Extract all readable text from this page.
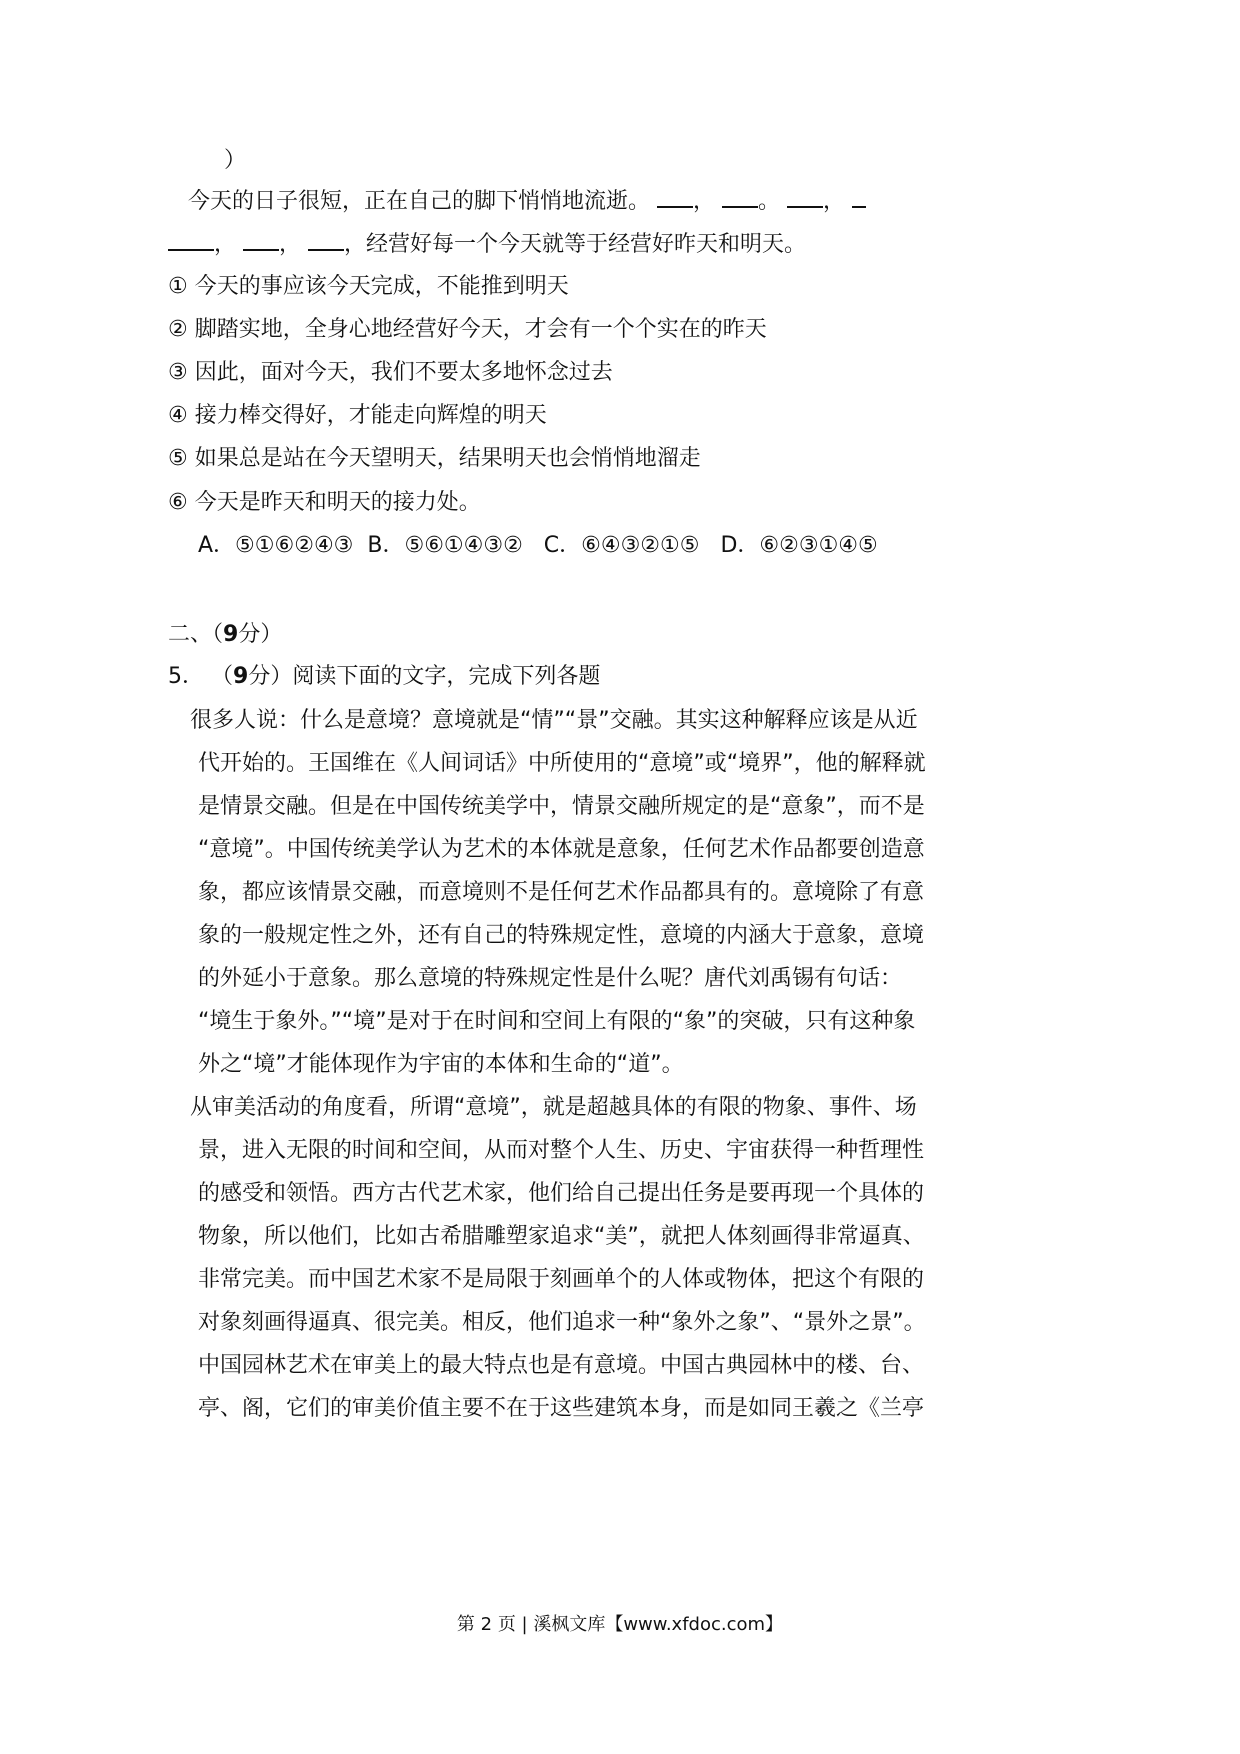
）
今天的日子很短，正在自己的脚下悄悄地流逝。 ， 。 ，
， ， ，经营好每一个今天就等于经营好昨天和明天。
① 今天的事应该今天完成，不能推到明天
② 脚踏实地，全身心地经营好今天，才会有一个个实在的昨天
③ 因此，面对今天，我们不要太多地怀念过去
④ 接力棒交得好，才能走向辉煌的明天
⑤ 如果总是站在今天望明天，结果明天也会悄悄地溜走
⑥ 今天是昨天和明天的接力处。
A．⑤①⑥②④③  B．⑤⑥①④③②   C．⑥④③②①⑤   D．⑥②③①④⑤
二、（9分）
5． （9分）阅读下面的文字，完成下列各题
很多人说：什么是意境？意境就是“情”“景”交融。其实这种解释应该是从近
代开始的。王国维在《人间词话》中所使用的“意境”或“境界”，他的解释就
是情景交融。但是在中国传统美学中，情景交融所规定的是“意象”，而不是
“意境”。中国传统美学认为艺术的本体就是意象，任何艺术作品都要创造意
象，都应该情景交融，而意境则不是任何艺术作品都具有的。意境除了有意
象的一般规定性之外，还有自己的特殊规定性，意境的内涵大于意象，意境
的外延小于意象。那么意境的特殊规定性是什么呢？唐代刘禹锡有句话：
“境生于象外。”“境”是对于在时间和空间上有限的“象”的突破，只有这种象
外之“境”才能体现作为宇宙的本体和生命的“道”。
从审美活动的角度看，所谓“意境”，就是超越具体的有限的物象、事件、场
景，进入无限的时间和空间，从而对整个人生、历史、宇宙获得一种哲理性
的感受和领悟。西方古代艺术家，他们给自己提出任务是要再现一个具体的
物象，所以他们，比如古希腊雕塑家追求“美”，就把人体刻画得非常逼真、
非常完美。而中国艺术家不是局限于刻画单个的人体或物体，把这个有限的
对象刻画得逼真、很完美。相反，他们追求一种“象外之象”、“景外之景”。
中国园林艺术在审美上的最大特点也是有意境。中国古典园林中的楼、台、
亭、阁，它们的审美价值主要不在于这些建筑本身，而是如同王羲之《兰亭
第 2 页 | 溪枫文库【www.xfdoc.com】
